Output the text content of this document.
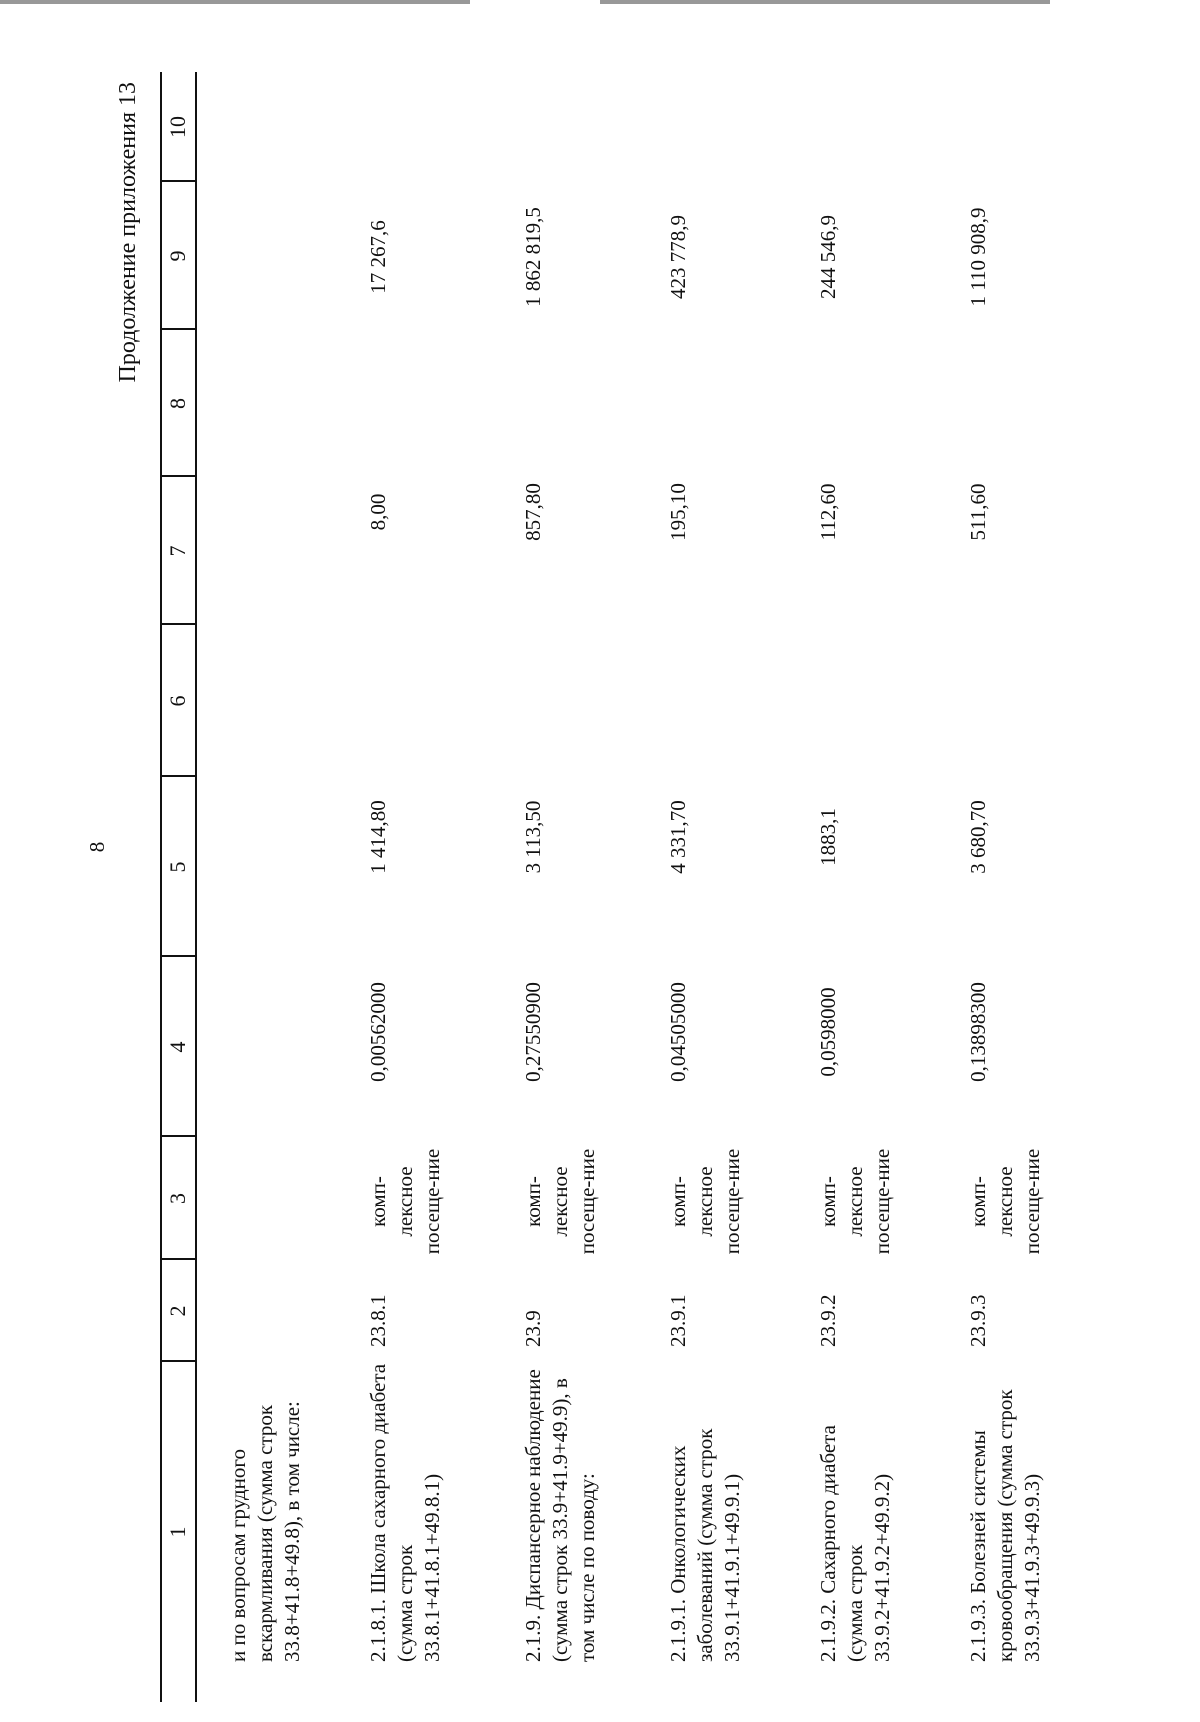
8
Продолжение приложения 13
1
2
3
4
5
6
7
8
9
10
и по вопросам грудного вскармливания (сумма строк 33.8+41.8+49.8), в том числе:	2.1.8.1. Школа сахарного диабета (сумма строк 33.8.1+41.8.1+49.8.1)
23.8.1
комп-лексное посеще-ние
0,00562000
1 414,80
8,00
17 267,6
2.1.9. Диспансерное наблюдение (сумма строк 33.9+41.9+49.9), в том числе по поводу:
23.9
комп-лексное посеще-ние
0,27550900
3 113,50
857,80
1 862 819,5
2.1.9.1. Онкологических заболеваний (сумма строк 33.9.1+41.9.1+49.9.1)
23.9.1
комп-лексное посеще-ние
0,04505000
4 331,70
195,10
423 778,9
2.1.9.2. Сахарного диабета (сумма строк 33.9.2+41.9.2+49.9.2)
23.9.2
комп-лексное посеще-ние
0,0598000
1883,1
112,60
244 546,9
2.1.9.3. Болезней системы кровообращения (сумма строк 33.9.3+41.9.3+49.9.3)
23.9.3
комп-лексное посеще-ние
0,13898300
3 680,70
511,60
1 110 908,9
